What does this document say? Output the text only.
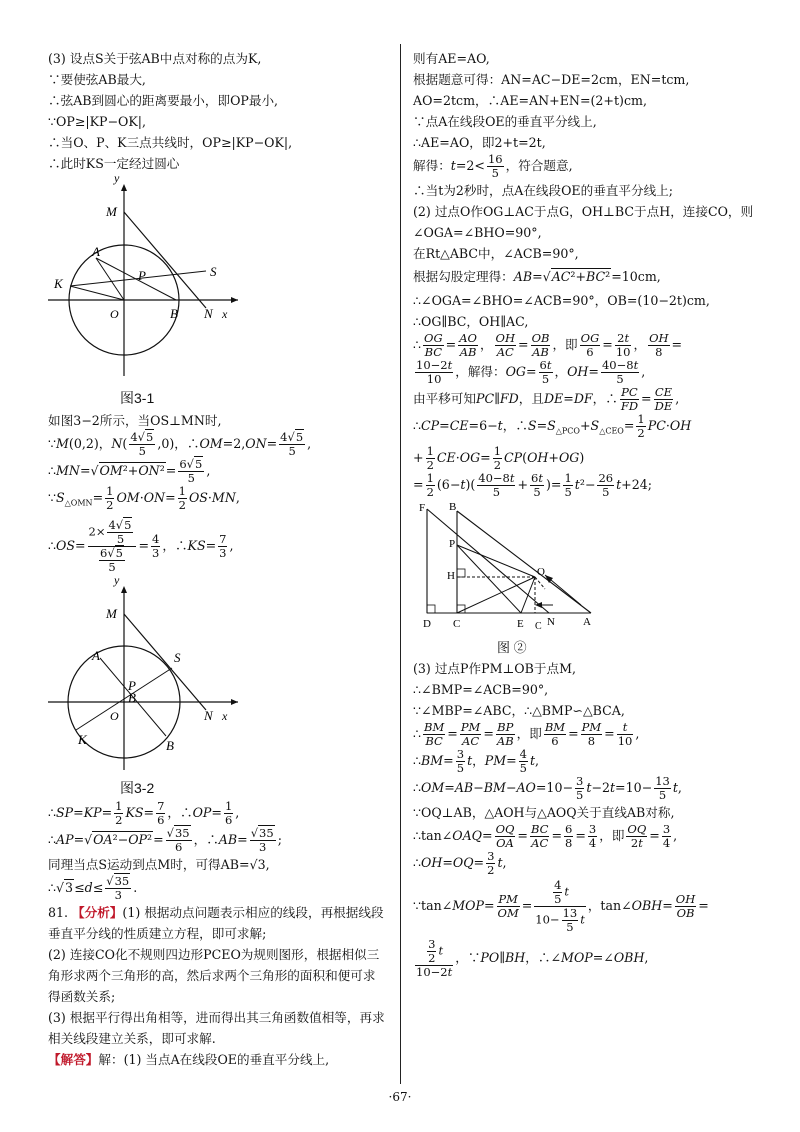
(3) 设点S关于弦AB中点对称的点为K,
∵要使弦AB最大,
∴弦AB到圆心的距离要最小，即OP最小,
∵OP≥|KP−OK|,
∴当O、P、K三点共线时，OP≥|KP−OK|,
∴此时KS一定经过圆心
y
M
A
P	S
K
O	B N x
图3-1
如图3−2所示，当OS⊥MN时,
∵M(0,2)，$N( \frac{4√5}{5} ,0)$，∴OM=2,ON= $\frac{4√5}{5}$ ,
∴MN=√OM²+ON²= $\frac{6√5}{5}$ ,
$\because S_{\triangle OMN}= \frac{1}{2} OM\cdot ON= \frac{1}{2} OS\cdot MN$,
∴OS= $\frac{2\times \frac{4√5}{5}}{\frac{6√5}{5}} = \frac{4}{3}$ ，∴KS= $\frac{7}{3}$ ,
y
M
A	S
P
B
O
K	B
N x
图3-2
∴SP=KP= $\frac{1}{2} KS= \frac{7}{6}$ ，∴OP= $\frac{1}{6}$ ,
∴AP=√OA²−OP²= $\frac{√35}{6}$ ，∴AB= $\frac{√35}{3}$ ;
同理当点S运动到点M时，可得AB=√3,
∴√3≤d≤ $\frac{√35}{3}$ .
81. 【分析】(1) 根据动点问题表示相应的线段，再根据线段垂直平分线的性质建立方程，即可求解;
(2) 连接CO化不规则四边形PCEO为规则图形，根据相似三角形求两个三角形的高，然后求两个三角形的面积和便可求得函数关系;
(3) 根据平行得出角相等，进而得出其三角函数值相等，再求相关线段建立关系，即可求解.
【解答】解：(1) 当点A在线段OE的垂直平分线上,
则有AE=AO,
根据题意可得：AN=AC−DE=2cm，EN=tcm,
AO=2tcm，∴AE=AN+EN=(2+t)cm,
∵点A在线段OE的垂直平分线上,
∴AE=AO，即2+t=2t,
解得：$t=2< \frac{16}{5}$ ，符合题意,
∴当t为2秒时，点A在线段OE的垂直平分线上;
(2) 过点O作OG⊥AC于点G，OH⊥BC于点H，连接CO，则∠OGA=∠BHO=90°,
在Rt△ABC中，∠ACB=90°,
根据勾股定理得：AB=√AC²+BC²=10cm,
∴∠OGA=∠BHO=∠ACB=90°，OB=(10−2t)cm,
∴OG∥BC，OH∥AC,
∴ $\frac{OG}{BC} = \frac{AO}{AB}$ ， $\frac{OH}{AC} = \frac{OB}{AB}$ ，即 $\frac{OG}{6} = \frac{2t}{10}$ ， $\frac{OH}{8}$ =
$\frac{10-2t}{10}$ ，解得：$OG= \frac{6t}{5}$ ，$OH= \frac{40-8t}{5}$ ,
由平移可知PC∥FD，且DE=DF，∴ $\frac{PC}{FD} = \frac{CE}{DE}$ ,
∴CP=CE=6−t，$\therefore S=S_{\triangle PCO}+S_{\triangle CEO}= \frac{1}{2} PC\cdot OH$
+ $\frac{1}{2} CE\cdot OG= \frac{1}{2} CP(OH+OG)$
= $\frac{1}{2} (6-t)( \frac{40-8t}{5} + \frac{6t}{5}$ )= $\frac{1}{5} t^2- \frac{26}{5} t+24$;
F B
P
H	O
D C	E N
C	A
图 ②
(3) 过点P作PM⊥OB于点M,
∴∠BMP=∠ACB=90°,
∵∠MBP=∠ABC，∴△BMP∽△BCA,
∴ $\frac{BM}{BC} = \frac{PM}{AC} = \frac{BP}{AB}$ ，即 $\frac{BM}{6} = \frac{PM}{8} = \frac{t}{10}$ ,
∴BM= $\frac{3}{5}$ t，$PM= \frac{4}{5} t$,
∴OM=AB−BM−AO=10− $\frac{3}{5} t-2t=10- \frac{13}{5} t$,
∵OQ⊥AB，△AOH与△AOQ关于直线AB对称,
∴tan∠OAQ= $\frac{OQ}{OA} = \frac{BC}{AC} = \frac{6}{8} = \frac{3}{4}$ ，即 $\frac{OQ}{2t} = \frac{3}{4}$ ,
∴OH=OQ= $\frac{3}{2} t$,
∵tan∠MOP= $\frac{PM}{OM} = \frac{\frac{4}{5} t}{10- \frac{13}{5} t}$ ，tan∠OBH= $\frac{OH}{OB}$ =
$\frac{\frac{3}{2} t}{10-2t}$ ，∵PO∥BH，∴∠MOP=∠OBH,
·67·
